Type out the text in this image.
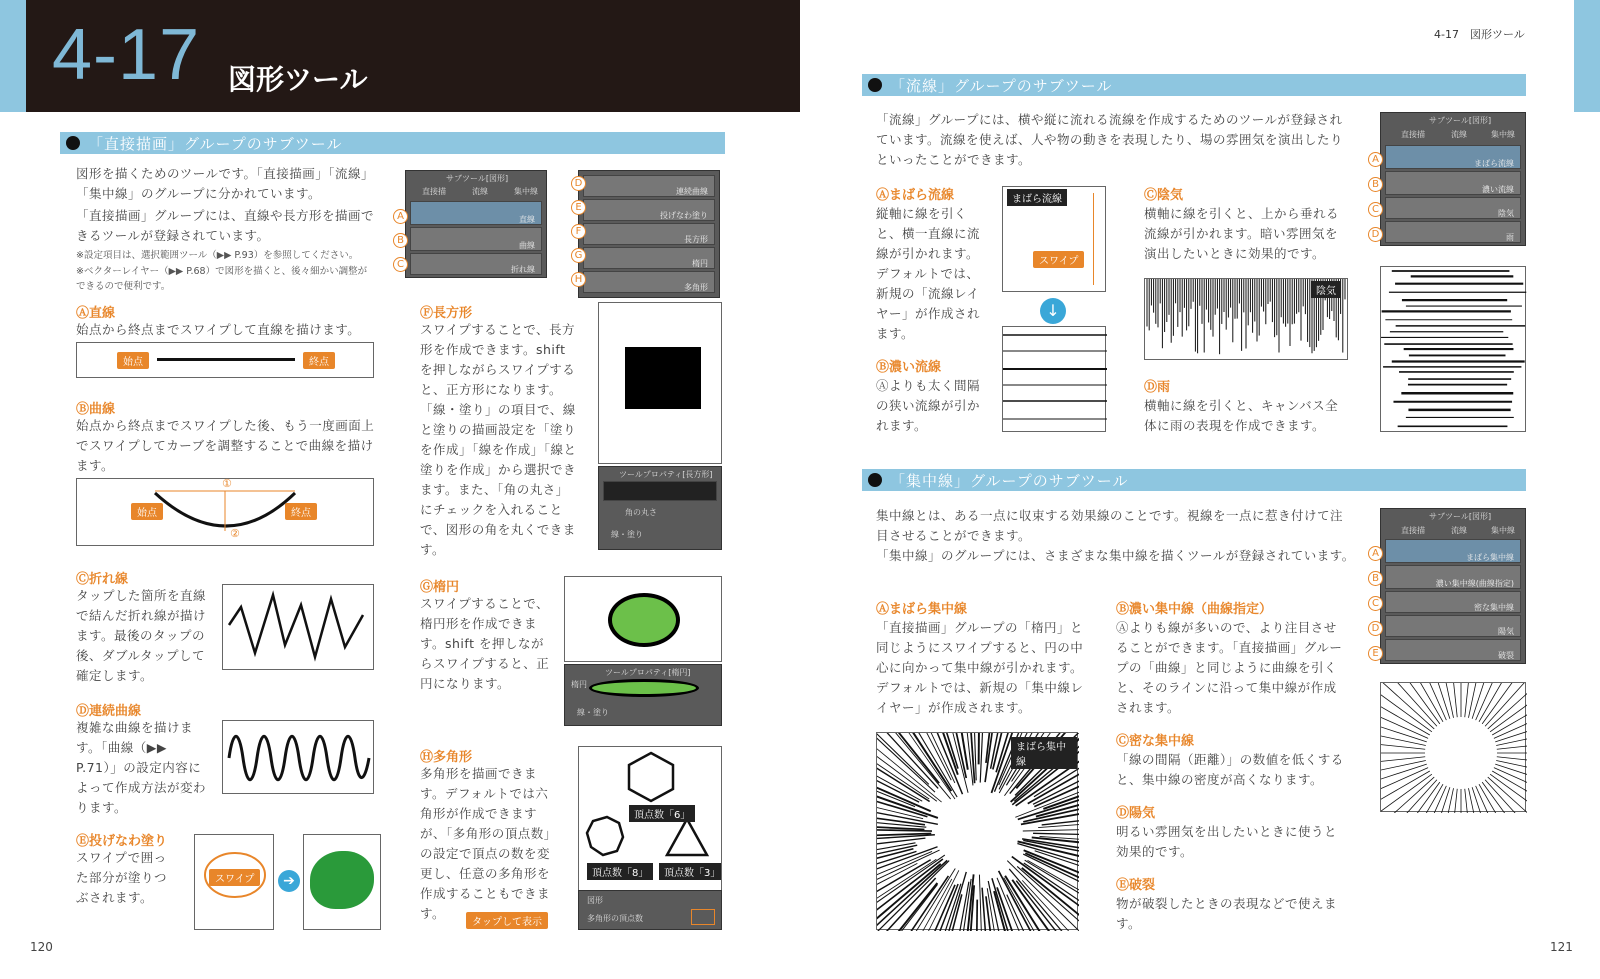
4-17 図形ツール
「直接描画」グループのサブツール
図形を描くためのツールです。「直接描画」「流線」「集中線」のグループに分かれています。
「直接描画」グループには、直線や長方形を描画できるツールが登録されています。
※設定項目は、選択範囲ツール（▶▶ P.93）を参照してください。
※ベクターレイヤー（▶▶ P.68）で図形を描くと、後々細かい調整ができるので便利です。
サブツール[図形]
直接描	流線	集中線
直線
曲線
折れ線
A
B
C
連続曲線
投げなわ塗り
長方形
楕円
多角形
D
E
F
G
H
Ⓐ直線
始点から終点までスワイプして直線を描けます。
始点	終点
Ⓑ曲線
始点から終点までスワイプした後、もう一度画面上でスワイプしてカーブを調整することで曲線を描けます。
始点	終点
①
②
Ⓒ折れ線
タップした箇所を直線で結んだ折れ線が描けます。最後のタップの後、ダブルタップして確定します。
Ⓓ連続曲線
複雑な曲線を描けます。「曲線（▶▶ P.71）」の設定内容によって作成方法が変わります。
Ⓔ投げなわ塗り
スワイプで囲った部分が塗りつぶされます。
スワイプ	➔
Ⓕ長方形
スワイプすることで、長方形を作成できます。shift を押しながらスワイプすると、正方形になります。「線・塗り」の項目で、線と塗りの描画設定を「塗りを作成」「線を作成」「線と塗りを作成」から選択できます。また、「角の丸さ」にチェックを入れることで、図形の角を丸くできます。
ツールプロパティ[長方形]
角の丸さ
線・塗り
Ⓖ楕円
スワイプすることで、楕円形を作成できます。shift を押しながらスワイプすると、正円になります。
ツールプロパティ[楕円]
楕円
線・塗り
Ⓗ多角形
多角形を描画できます。デフォルトでは六角形が作成できますが、「多角形の頂点数」の設定で頂点の数を変更し、任意の多角形を作成することもできます。
頂点数「6」
頂点数「8」	頂点数「3」
図形
多角形の頂点数
タップして表示
120
4-17　図形ツール
「流線」グループのサブツール
「流線」グループには、横や縦に流れる流線を作成するためのツールが登録されています。流線を使えば、人や物の動きを表現したり、場の雰囲気を演出したりといったことができます。
サブツール[図形]
直接描	流線	集中線
まばら流線
濃い流線
陰気
雨
A
B
C
D
Ⓐまばら流線
縦軸に線を引くと、横一直線に流線が引かれます。デフォルトでは、新規の「流線レイヤー」が作成されます。
まばら流線
スワイプ
↓
Ⓑ濃い流線
Ⓐよりも太く間隔の狭い流線が引かれます。
Ⓒ陰気
横軸に線を引くと、上から垂れる流線が引かれます。暗い雰囲気を演出したいときに効果的です。
陰気
Ⓓ雨
横軸に線を引くと、キャンバス全体に雨の表現を作成できます。
「集中線」グループのサブツール
集中線とは、ある一点に収束する効果線のことです。視線を一点に惹き付けて注目させることができます。
「集中線」のグループには、さまざまな集中線を描くツールが登録されています。
サブツール[図形]
直接描	流線	集中線
まばら集中線
濃い集中線(曲線指定)
密な集中線
陽気
破裂
A
B
C
D
E
Ⓐまばら集中線
「直接描画」グループの「楕円」と同じようにスワイプすると、円の中心に向かって集中線が引かれます。デフォルトでは、新規の「集中線レイヤー」が作成されます。
まばら集中線
Ⓑ濃い集中線（曲線指定）
Ⓐよりも線が多いので、より注目させることができます。「直接描画」グループの「曲線」と同じように曲線を引くと、そのラインに沿って集中線が作成されます。
Ⓒ密な集中線
「線の間隔（距離）」の数値を低くすると、集中線の密度が高くなります。
Ⓓ陽気
明るい雰囲気を出したいときに使うと効果的です。
Ⓔ破裂
物が破裂したときの表現などで使えます。
121
